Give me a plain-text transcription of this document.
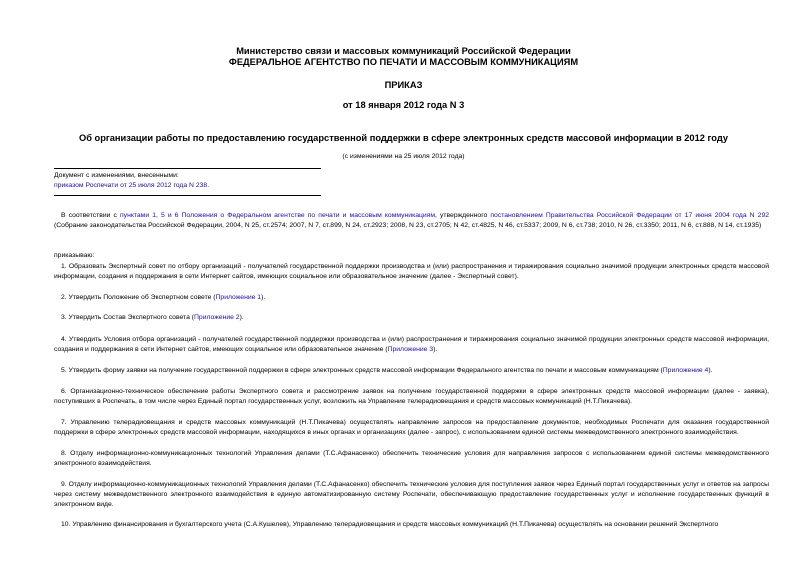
Министерство связи и массовых коммуникаций Российской Федерации
ФЕДЕРАЛЬНОЕ АГЕНТСТВО ПО ПЕЧАТИ И МАССОВЫМ КОММУНИКАЦИЯМ
ПРИКАЗ
от 18 января 2012 года N 3
Об организации работы по предоставлению государственной поддержки в сфере электронных средств массовой информации в 2012 году
(с изменениями на 25 июля 2012 года)
Документ с изменениями, внесенными:
приказом Роспечати от 25 июля 2012 года N 238.

В соответствии с пунктами 1, 5 и 6 Положения о Федеральном агентстве по печати и массовым коммуникациям, утвержденного постановлением Правительства Российской Федерации от 17 июня 2004 года N 292 (Собрание законодательства Российской Федерации, 2004, N 25, ст.2574; 2007, N 7, ст.899, N 24, ст.2923; 2008, N 23, ст.2705; N 42, ст.4825, N 46, ст.5337; 2009, N 6, ст.738; 2010, N 26, ст.3350; 2011, N 6, ст.888, N 14, ст.1935)

приказываю:

1. Образовать Экспертный совет по отбору организаций - получателей государственной поддержки производства и (или) распространения и тиражирования социально значимой продукции электронных средств массовой информации, создания и поддержания в сети Интернет сайтов, имеющих социальное или образовательное значение (далее - Экспертный совет).

2. Утвердить Положение об Экспертном совете (Приложение 1).

3. Утвердить Состав Экспертного совета (Приложение 2).

4. Утвердить Условия отбора организаций - получателей государственной поддержки производства и (или) распространения и тиражирования социально значимой продукции электронных средств массовой информации, создания и поддержания в сети Интернет сайтов, имеющих социальное или образовательное значение (Приложение 3).

5. Утвердить форму заявки на получение государственной поддержки в сфере электронных средств массовой информации Федерального агентства по печати и массовым коммуникациям (Приложение 4).

6. Организационно-техническое обеспечение работы Экспертного совета и рассмотрение заявок на получение государственной поддержки в сфере электронных средств массовой информации (далее - заявка), поступивших в Роспечать, в том числе через Единый портал государственных услуг, возложить на Управление телерадиовещания и средств массовых коммуникаций (Н.Т.Пикачева).

7. Управлению телерадиовещания и средств массовых коммуникаций (Н.Т.Пикачева) осуществлять направление запросов на предоставление документов, необходимых Роспечати для оказания государственной поддержки в сфере электронных средств массовой информации, находящихся в иных органах и организациях (далее - запрос), с использованием единой системы межведомственного электронного взаимодействия.

8. Отделу информационно-коммуникационных технологий Управления делами (Т.С.Афанасенко) обеспечить технические условия для направления запросов с использованием единой системы межведомственного электронного взаимодействия.

9. Отделу информационно-коммуникационных технологий Управления делами (Т.С.Афанасенко) обеспечить технические условия для поступления заявок через Единый портал государственных услуг и ответов на запросы через систему межведомственного электронного взаимодействия в единую автоматизированную систему Роспечати, обеспечивающую предоставление государственных услуг и исполнение государственных функций в электронном виде.

10. Управлению финансирования и бухгалтерского учета (С.А.Кушелев), Управлению телерадиовещания и средств массовых коммуникаций (Н.Т.Пикачева) осуществлять на основании решений Экспертного
